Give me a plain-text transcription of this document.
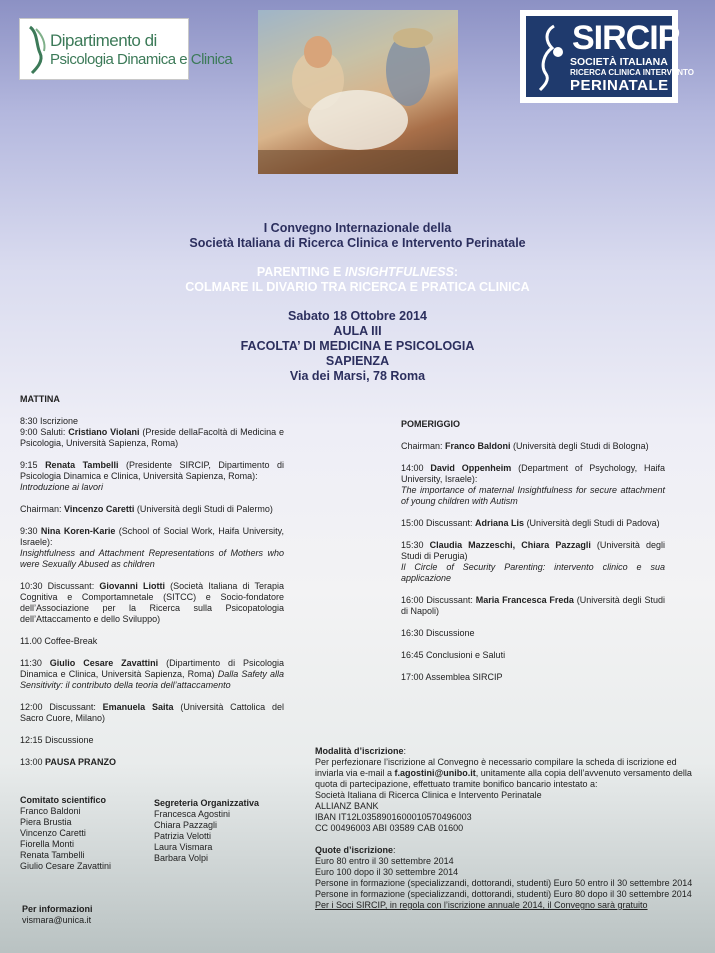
Dipartimento di
Psicologia Dinamica e Clinica
SIRCIP
SOCIETÀ ITALIANA
RICERCA CLINICA INTERVENTO
PERINATALE
I Convegno Internazionale della
Società Italiana di Ricerca Clinica e Intervento Perinatale
PARENTING E INSIGHTFULNESS:
COLMARE IL DIVARIO TRA RICERCA E PRATICA CLINICA
Sabato 18 Ottobre 2014
AULA III
FACOLTA’ DI MEDICINA E PSICOLOGIA
SAPIENZA
Via dei Marsi, 78 Roma

MATTINA

8:30 Iscrizione

9:00 Saluti: Cristiano Violani (Preside dellaFacoltà di Medicina e Psicologia, Università Sapienza, Roma)

9:15 Renata Tambelli (Presidente SIRCIP, Dipartimento di Psicologia Dinamica e Clinica, Università Sapienza, Roma):
Introduzione ai lavori

Chairman: Vincenzo Caretti (Università degli Studi di Palermo)

9:30 Nina Koren-Karie (School of Social Work, Haifa University, Israele):
Insightfulness and Attachment Representations of Mothers who were Sexually Abused as children

10:30 Discussant: Giovanni Liotti (Società Italiana di Terapia Cognitiva e Comportamnetale (SITCC) e Socio-fondatore dell’Associazione per la Ricerca sulla Psicopatologia dell’Attaccamento e dello Sviluppo)

11.00 Coffee-Break

11:30 Giulio Cesare Zavattini (Dipartimento di Psicologia Dinamica e Clinica, Università Sapienza, Roma) Dalla Safety alla Sensitivity: il contributo della teoria dell’attaccamento

12:00 Discussant: Emanuela Saita (Università Cattolica del Sacro Cuore, Milano)

12:15 Discussione

13:00 PAUSA PRANZO

POMERIGGIO

Chairman: Franco Baldoni (Università degli Studi di Bologna)

14:00 David Oppenheim (Department of Psychology, Haifa University, Israele):
The importance of maternal Insightfulness for secure attachment of young children with Autism

15:00 Discussant: Adriana Lis (Università degli Studi di Padova)

15:30 Claudia Mazzeschi, Chiara Pazzagli (Università degli Studi di Perugia)
Il Circle of Security Parenting: intervento clinico e sua applicazione

16:00 Discussant: Maria Francesca Freda (Università degli Studi di Napoli)

16:30 Discussione

16:45 Conclusioni e Saluti

17:00 Assemblea SIRCIP

Comitato scientifico
Franco Baldoni
Piera Brustia
Vincenzo Caretti
Fiorella Monti
Renata Tambelli
Giulio Cesare Zavattini
Segreteria Organizzativa
Francesca Agostini
Chiara Pazzagli
Patrizia Velotti
Laura Vismara
Barbara Volpi
Per informazioni
vismara@unica.it
Modalità d’iscrizione:
Per perfezionare l’iscrizione al Convegno è necessario compilare la scheda di iscrizione ed
inviarla via e-mail a f.agostini@unibo.it, unitamente alla copia dell’avvenuto versamento della
quota di partecipazione, effettuato tramite bonifico bancario intestato a:
Società Italiana di Ricerca Clinica e Intervento Perinatale
ALLIANZ BANK
IBAN IT12L0358901600010570496003
CC 00496003 ABI 03589 CAB 01600
Quote d’iscrizione:
Euro 80 entro il 30 settembre 2014
Euro 100 dopo il 30 settembre 2014
Persone in formazione (specializzandi, dottorandi, studenti) Euro 50 entro il 30 settembre 2014
Persone in formazione (specializzandi, dottorandi, studenti) Euro 80 dopo il 30 settembre 2014
Per i Soci SIRCIP, in regola con l’iscrizione annuale 2014, il Convegno sarà gratuito
